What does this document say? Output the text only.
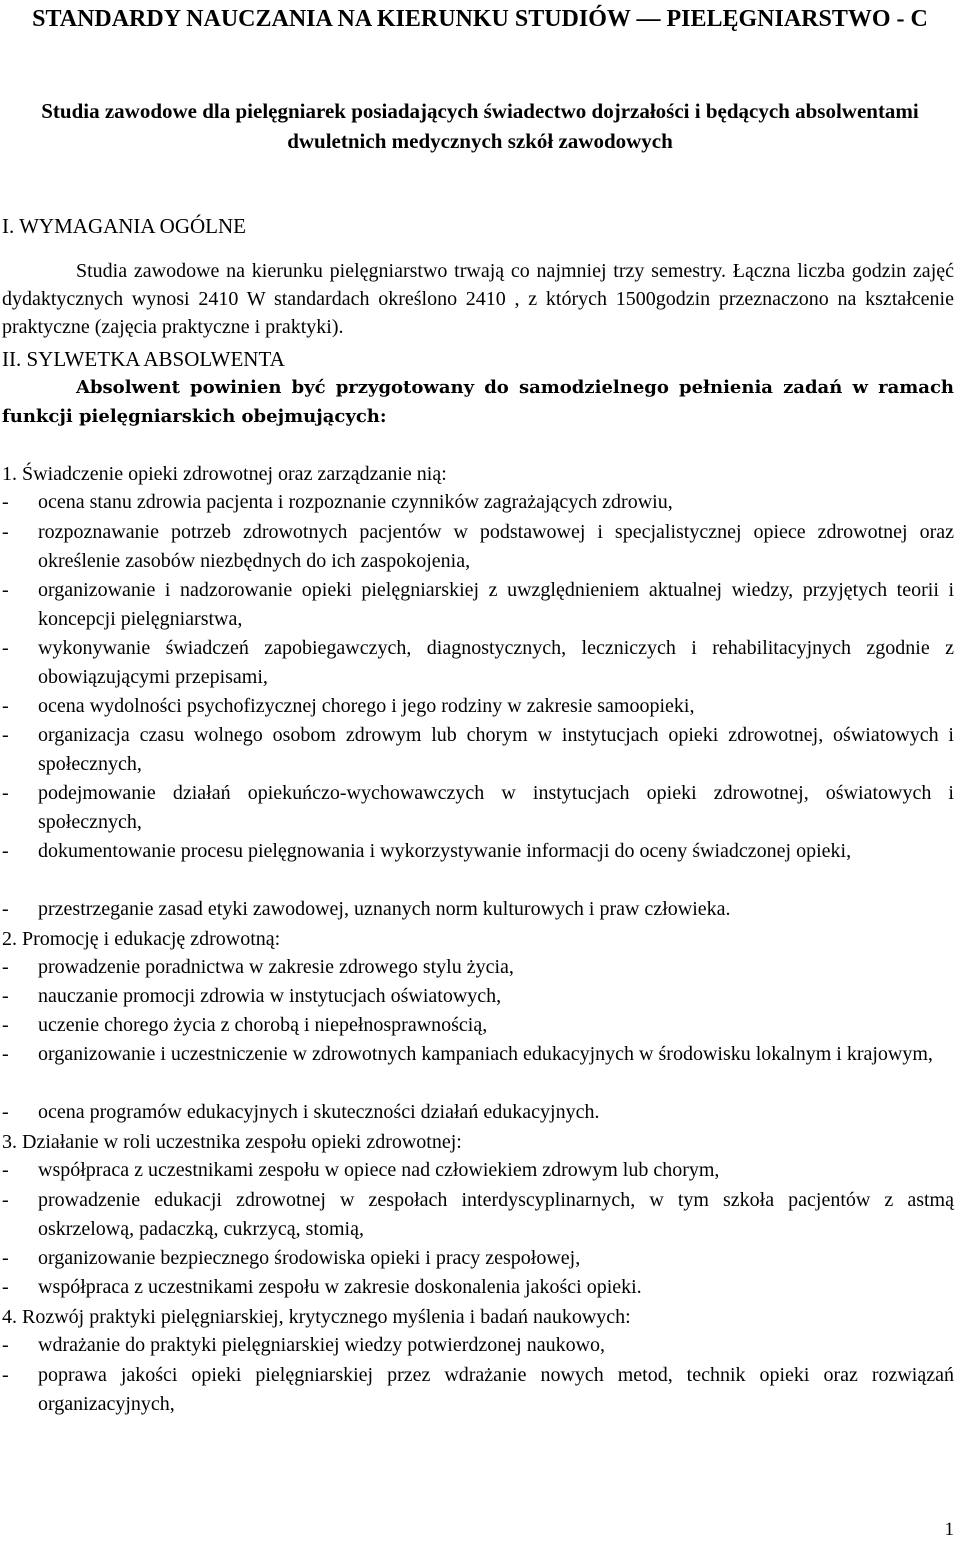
STANDARDY NAUCZANIA NA KIERUNKU STUDIÓW — PIELĘGNIARSTWO - C
Studia zawodowe dla pielęgniarek posiadających świadectwo dojrzałości i będących absolwentami dwuletnich medycznych szkół zawodowych
I. WYMAGANIA OGÓLNE
Studia zawodowe na kierunku pielęgniarstwo trwają co najmniej trzy semestry. Łączna liczba godzin zajęć dydaktycznych wynosi 2410 W standardach określono 2410 , z których 1500godzin przeznaczono na kształcenie praktyczne (zajęcia praktyczne i praktyki).
II. SYLWETKA ABSOLWENTA
Absolwent powinien być przygotowany do samodzielnego pełnienia zadań w ramach funkcji pielęgniarskich obejmujących:
1. Świadczenie opieki zdrowotnej oraz zarządzanie nią:
- ocena stanu zdrowia pacjenta i rozpoznanie czynników zagrażających zdrowiu,
- rozpoznawanie potrzeb zdrowotnych pacjentów w podstawowej i specjalistycznej opiece zdrowotnej oraz określenie zasobów niezbędnych do ich zaspokojenia,
- organizowanie i nadzorowanie opieki pielęgniarskiej z uwzględnieniem aktualnej wiedzy, przyjętych teorii i koncepcji pielęgniarstwa,
- wykonywanie świadczeń zapobiegawczych, diagnostycznych, leczniczych i rehabilitacyjnych zgodnie z obowiązującymi przepisami,
- ocena wydolności psychofizycznej chorego i jego rodziny w zakresie samoopieki,
- organizacja czasu wolnego osobom zdrowym lub chorym w instytucjach opieki zdrowotnej, oświatowych i społecznych,
- podejmowanie działań opiekuńczo-wychowawczych w instytucjach opieki zdrowotnej, oświatowych i społecznych,
- dokumentowanie procesu pielęgnowania i wykorzystywanie informacji do oceny świadczonej opieki,
- przestrzeganie zasad etyki zawodowej, uznanych norm kulturowych i praw człowieka.
2. Promocję i edukację zdrowotną:
- prowadzenie poradnictwa w zakresie zdrowego stylu życia,
- nauczanie promocji zdrowia w instytucjach oświatowych,
- uczenie chorego życia z chorobą i niepełnosprawnością,
- organizowanie i uczestniczenie w zdrowotnych kampaniach edukacyjnych w środowisku lokalnym i krajowym,
- ocena programów edukacyjnych i skuteczności działań edukacyjnych.
3. Działanie w roli uczestnika zespołu opieki zdrowotnej:
- współpraca z uczestnikami zespołu w opiece nad człowiekiem zdrowym lub chorym,
- prowadzenie edukacji zdrowotnej w zespołach interdyscyplinarnych, w tym szkoła pacjentów z astmą oskrzelową, padaczką, cukrzycą, stomią,
- organizowanie bezpiecznego środowiska opieki i pracy zespołowej,
- współpraca z uczestnikami zespołu w zakresie doskonalenia jakości opieki.
4. Rozwój praktyki pielęgniarskiej, krytycznego myślenia i badań naukowych:
- wdrażanie do praktyki pielęgniarskiej wiedzy potwierdzonej naukowo,
- poprawa jakości opieki pielęgniarskiej przez wdrażanie nowych metod, technik opieki oraz rozwiązań organizacyjnych,
1
